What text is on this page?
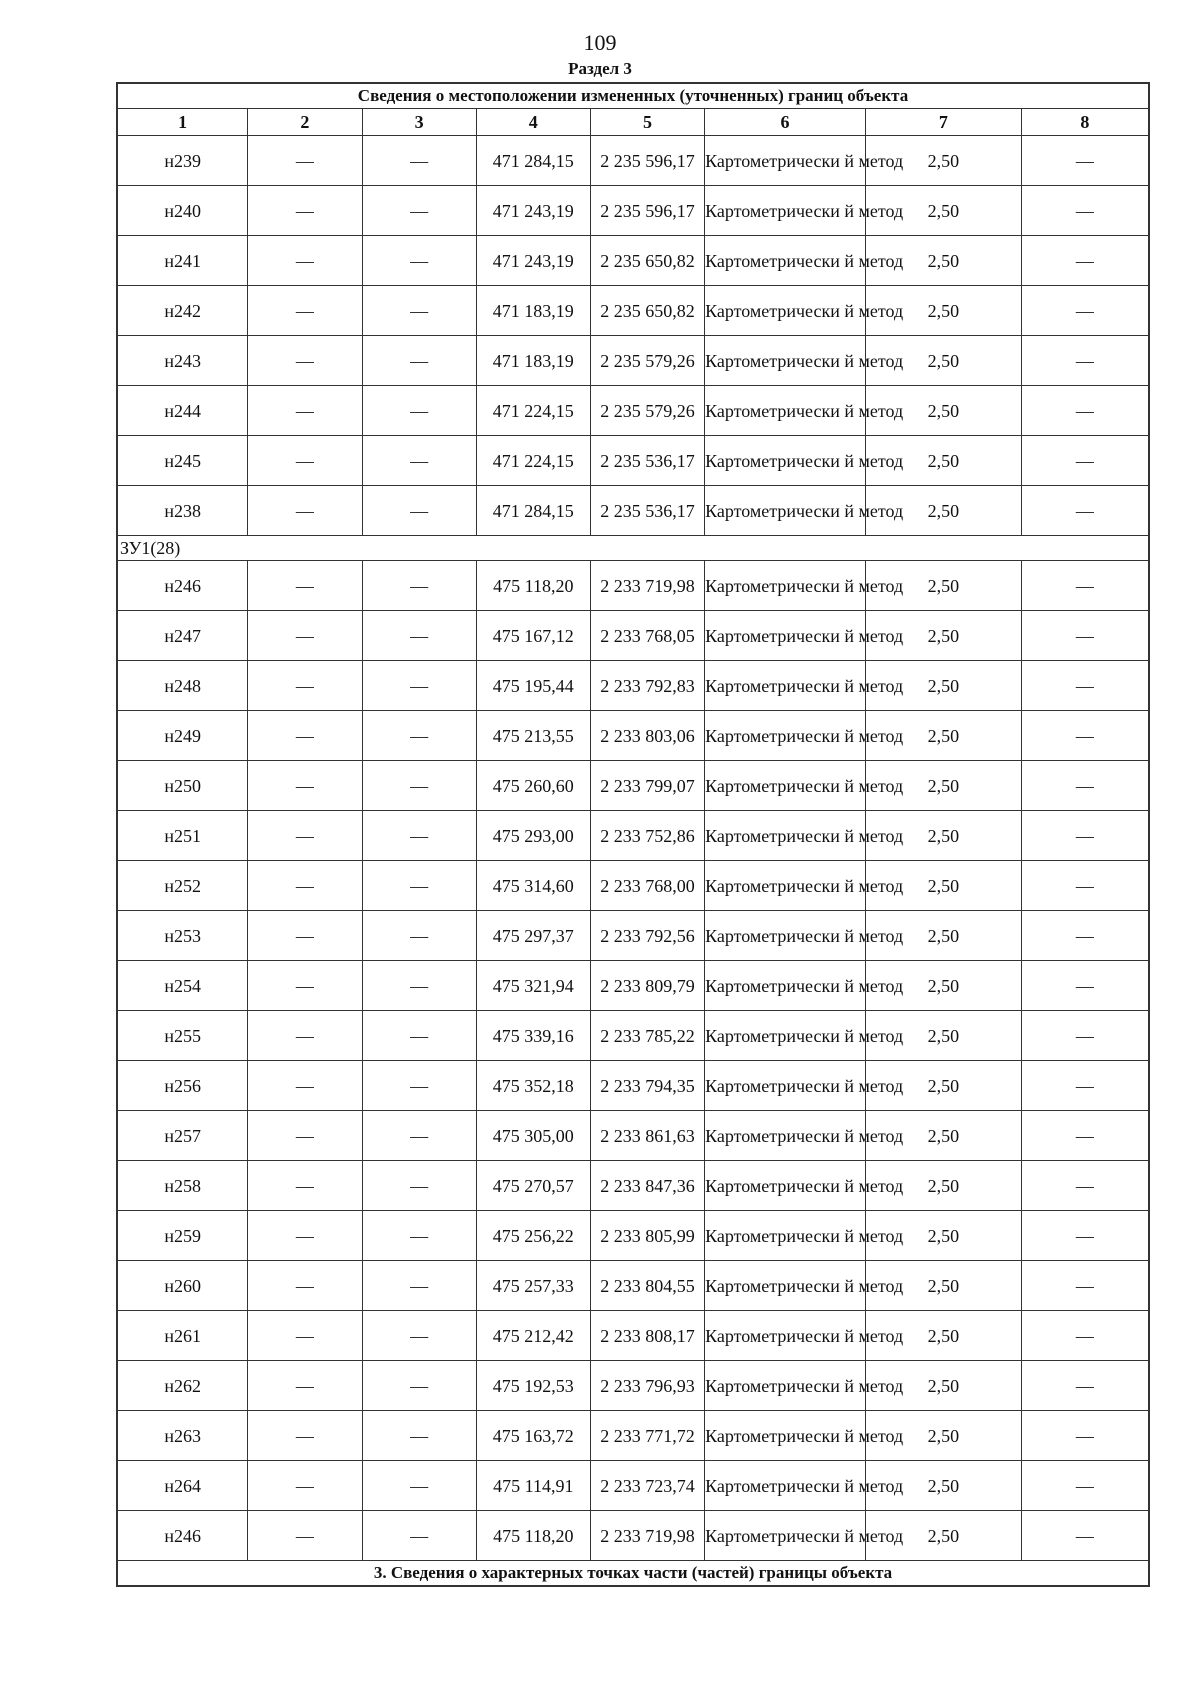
109
Раздел 3
Сведения о местоположении измененных (уточненных) границ объекта							
1	2	3	4	5	6	7	8
н239	—	—	471 284,15	2 235 596,17	Картометрически й метод	2,50	—
н240	—	—	471 243,19	2 235 596,17	Картометрически й метод	2,50	—
н241	—	—	471 243,19	2 235 650,82	Картометрически й метод	2,50	—
н242	—	—	471 183,19	2 235 650,82	Картометрически й метод	2,50	—
н243	—	—	471 183,19	2 235 579,26	Картометрически й метод	2,50	—
н244	—	—	471 224,15	2 235 579,26	Картометрически й метод	2,50	—
н245	—	—	471 224,15	2 235 536,17	Картометрически й метод	2,50	—
н238	—	—	471 284,15	2 235 536,17	Картометрически й метод	2,50	—
ЗУ1(28)							
н246	—	—	475 118,20	2 233 719,98	Картометрически й метод	2,50	—
н247	—	—	475 167,12	2 233 768,05	Картометрически й метод	2,50	—
н248	—	—	475 195,44	2 233 792,83	Картометрически й метод	2,50	—
н249	—	—	475 213,55	2 233 803,06	Картометрически й метод	2,50	—
н250	—	—	475 260,60	2 233 799,07	Картометрически й метод	2,50	—
н251	—	—	475 293,00	2 233 752,86	Картометрически й метод	2,50	—
н252	—	—	475 314,60	2 233 768,00	Картометрически й метод	2,50	—
н253	—	—	475 297,37	2 233 792,56	Картометрически й метод	2,50	—
н254	—	—	475 321,94	2 233 809,79	Картометрически й метод	2,50	—
н255	—	—	475 339,16	2 233 785,22	Картометрически й метод	2,50	—
н256	—	—	475 352,18	2 233 794,35	Картометрически й метод	2,50	—
н257	—	—	475 305,00	2 233 861,63	Картометрически й метод	2,50	—
н258	—	—	475 270,57	2 233 847,36	Картометрически й метод	2,50	—
н259	—	—	475 256,22	2 233 805,99	Картометрически й метод	2,50	—
н260	—	—	475 257,33	2 233 804,55	Картометрически й метод	2,50	—
н261	—	—	475 212,42	2 233 808,17	Картометрически й метод	2,50	—
н262	—	—	475 192,53	2 233 796,93	Картометрически й метод	2,50	—
н263	—	—	475 163,72	2 233 771,72	Картометрически й метод	2,50	—
н264	—	—	475 114,91	2 233 723,74	Картометрически й метод	2,50	—
н246	—	—	475 118,20	2 233 719,98	Картометрически й метод	2,50	—
3. Сведения о характерных точках части (частей) границы объекта							
